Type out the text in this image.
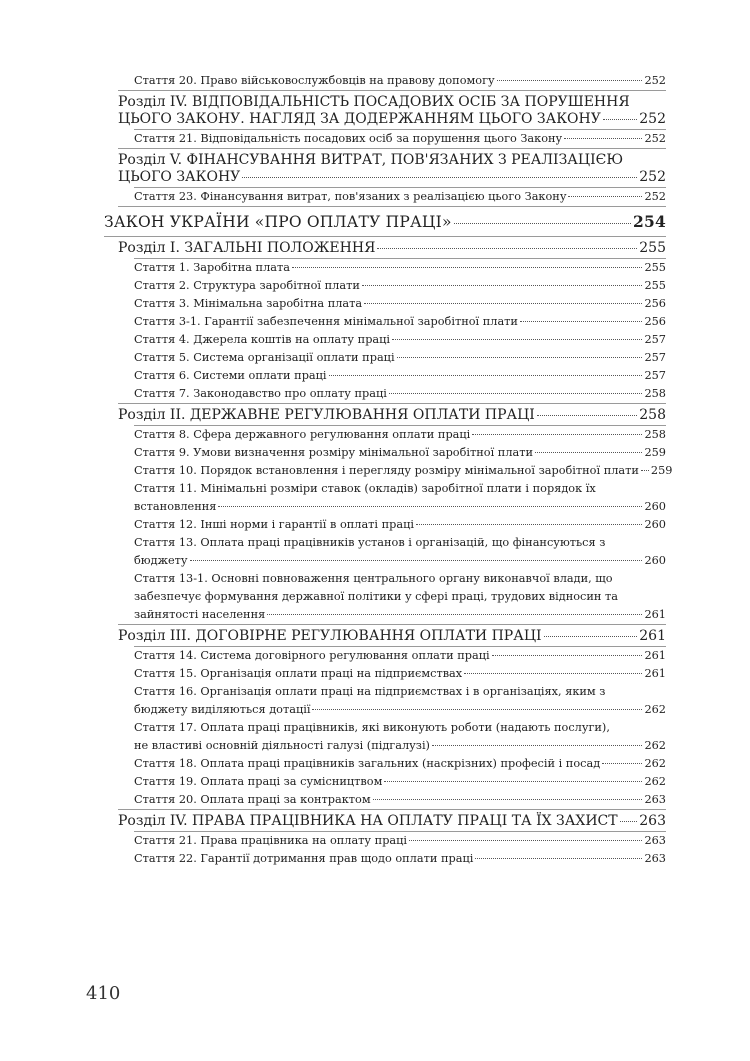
Стаття 20. Право військовослужбовців на правову допомогу	252
Розділ IV. ВІДПОВІДАЛЬНІСТЬ ПОСАДОВИХ ОСІБ ЗА ПОРУШЕННЯ
ЦЬОГО ЗАКОНУ. НАГЛЯД ЗА ДОДЕРЖАННЯМ ЦЬОГО ЗАКОНУ	252
Стаття 21. Відповідальність посадових осіб за порушення цього Закону	252
Розділ V. ФІНАНСУВАННЯ ВИТРАТ, ПОВ'ЯЗАНИХ З РЕАЛІЗАЦІЄЮ
ЦЬОГО ЗАКОНУ	252
Стаття 23. Фінансування витрат, пов'язаних з реалізацією цього Закону	252
ЗАКОН УКРАЇНИ «ПРО ОПЛАТУ ПРАЦІ»	254
Розділ I. ЗАГАЛЬНІ ПОЛОЖЕННЯ	255
Стаття 1. Заробітна плата	255
Стаття 2. Структура заробітної плати	255
Стаття 3. Мінімальна заробітна плата	256
Стаття 3-1. Гарантії забезпечення мінімальної заробітної плати	256
Стаття 4. Джерела коштів на оплату праці	257
Стаття 5. Система організації оплати праці	257
Стаття 6. Системи оплати праці	257
Стаття 7. Законодавство про оплату праці	258
Розділ II. ДЕРЖАВНЕ РЕГУЛЮВАННЯ ОПЛАТИ ПРАЦІ	258
Стаття 8. Сфера державного регулювання оплати праці	258
Стаття 9. Умови визначення розміру мінімальної заробітної плати	259
Стаття 10. Порядок встановлення і перегляду розміру мінімальної заробітної плати 259
Стаття 11. Мінімальні розміри ставок (окладів) заробітної плати і порядок їх
встановлення	260
Стаття 12. Інші норми і гарантії в оплаті праці	260
Стаття 13. Оплата праці працівників установ і організацій, що фінансуються з
бюджету	260
Стаття 13-1. Основні повноваження центрального органу виконавчої влади, що
забезпечує формування державної політики у сфері праці, трудових відносин та
зайнятості населення	261
Розділ III. ДОГОВІРНЕ РЕГУЛЮВАННЯ ОПЛАТИ ПРАЦІ	261
Стаття 14. Система договірного регулювання оплати праці	261
Стаття 15. Організація оплати праці на підприємствах	261
Стаття 16. Організація оплати праці на підприємствах і в організаціях, яким з
бюджету виділяються дотації	262
Стаття 17. Оплата праці працівників, які виконують роботи (надають послуги),
не властиві основній діяльності галузі (підгалузі)	262
Стаття 18. Оплата праці працівників загальних (наскрізних) професій і посад	262
Стаття 19. Оплата праці за сумісництвом	262
Стаття 20. Оплата праці за контрактом	263
Розділ IV. ПРАВА ПРАЦІВНИКА НА ОПЛАТУ ПРАЦІ ТА ЇХ ЗАХИСТ 263
Стаття 21. Права працівника на оплату праці	263
Стаття 22. Гарантії дотримання прав щодо оплати праці	263
410
